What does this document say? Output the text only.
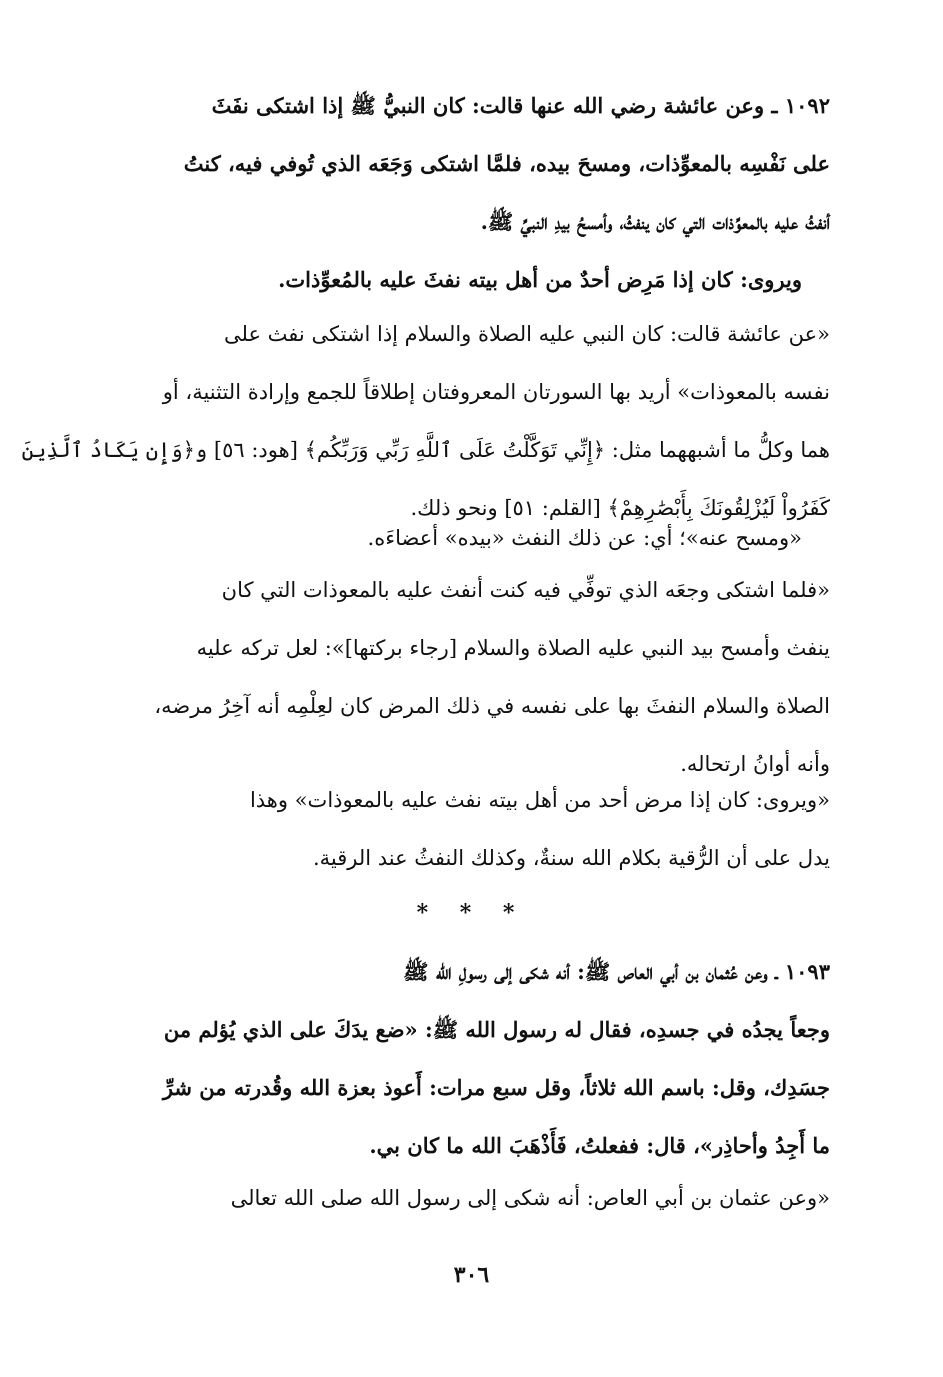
١٠٩٢ ـ وعن عائشة رضي الله عنها قالت: كان النبيُّ ﷺ إذا اشتكى نفَثَ
على نَفْسِه بالمعوِّذات، ومسحَ بيده، فلمَّا اشتكى وَجَعَه الذي تُوفي فيه، كنتُ
أنفثُ عليه بالمعوِّذات التي كان ينفثُ، وأمسحُ بيدِ النبيِّ ﷺ.
ويروى: كان إذا مَرِض أحدٌ من أهل بيته نفثَ عليه بالمُعوِّذات.
«عن عائشة قالت: كان النبي عليه الصلاة والسلام إذا اشتكى نفث على
نفسه بالمعوذات» أريد بها السورتان المعروفتان إطلاقاً للجمع وإرادة التثنية، أو
هما وكلُّ ما أشبههما مثل: ﴿إِنِّي تَوَكَّلْتُ عَلَى ٱللَّهِ رَبِّي وَرَبِّكُم﴾ [هود: ٥٦] و﴿وَإِن يَكَادُ ٱلَّذِينَ
كَفَرُواْ لَيُزْلِقُونَكَ بِأَبْصَٰرِهِمْ﴾ [القلم: ٥١] ونحو ذلك.
«ومسح عنه»؛ أي: عن ذلك النفث «بيده» أعضاءَه.
«فلما اشتكى وجعَه الذي توفِّي فيه كنت أنفث عليه بالمعوذات التي كان
ينفث وأمسح بيد النبي عليه الصلاة والسلام [رجاء بركتها]»: لعل تركه عليه
الصلاة والسلام النفثَ بها على نفسه في ذلك المرض كان لعِلْمِه أنه آخِرُ مرضه،
وأنه أوانُ ارتحاله.
«ويروى: كان إذا مرض أحد من أهل بيته نفث عليه بالمعوذات» وهذا
يدل على أن الرُّقية بكلام الله سنةٌ، وكذلك النفثُ عند الرقية.
* * *
١٠٩٣ ـ وعن عُثمان بن أبي العاص ﷺ: أنه شكى إلى رسولِ الله ﷺ
وجعاً يجدُه في جسدِه، فقال له رسول الله ﷺ: «ضع يدَكَ على الذي يُؤلم من
جسَدِك، وقل: باسم الله ثلاثاً، وقل سبع مرات: أَعوذ بعزة الله وقُدرته من شرِّ
ما أَجِدُ وأحاذِر»، قال: ففعلتُ، فَأَذْهَبَ الله ما كان بي.
«وعن عثمان بن أبي العاص: أنه شكى إلى رسول الله صلى الله تعالى
٣٠٦
